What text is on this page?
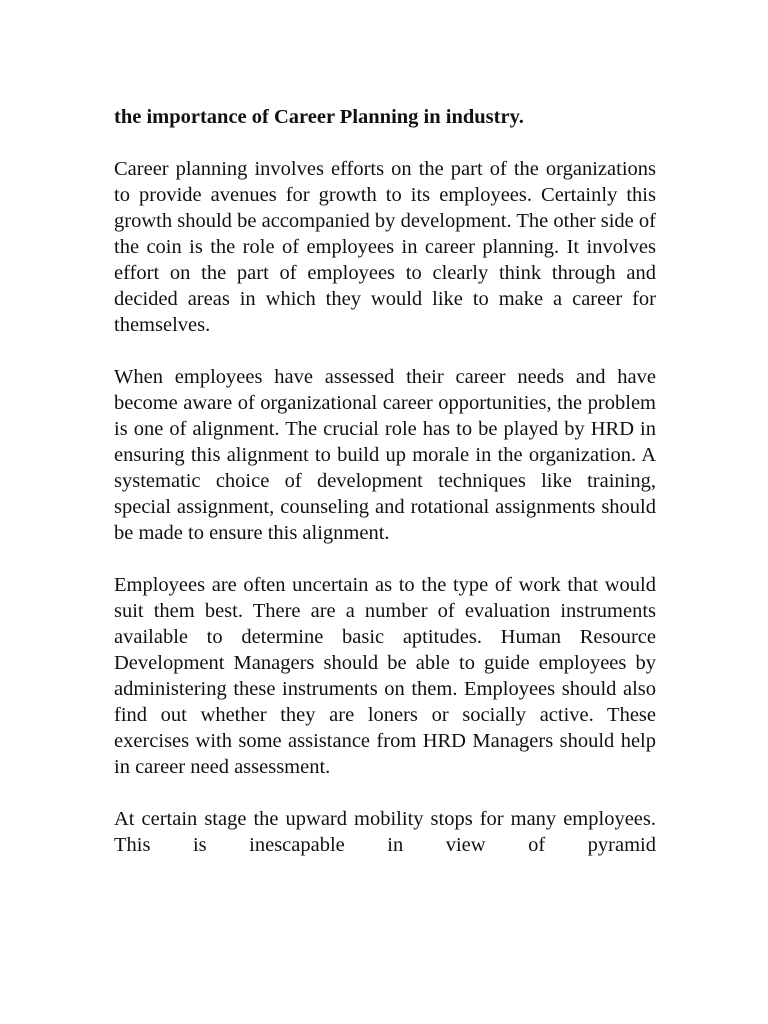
the importance of Career Planning in industry.

Career planning involves efforts on the part of the organizations to provide avenues for growth to its employees. Certainly this growth should be accompanied by development. The other side of the coin is the role of employees in career planning. It involves effort on the part of employees to clearly think through and decided areas in which they would like to make a career for themselves.

When employees have assessed their career needs and have become aware of organizational career opportunities, the problem is one of alignment. The crucial role has to be played by HRD in ensuring this alignment to build up morale in the organization. A systematic choice of development techniques like training, special assignment, counseling and rotational assignments should be made to ensure this alignment.

Employees are often uncertain as to the type of work that would suit them best. There are a number of evaluation instruments available to determine basic aptitudes. Human Resource Development Managers should be able to guide employees by administering these instruments on them. Employees should also find out whether they are loners or socially active. These exercises with some assistance from HRD Managers should help in career need assessment.

At certain stage the upward mobility stops for many employees. This is inescapable in view of pyramid
